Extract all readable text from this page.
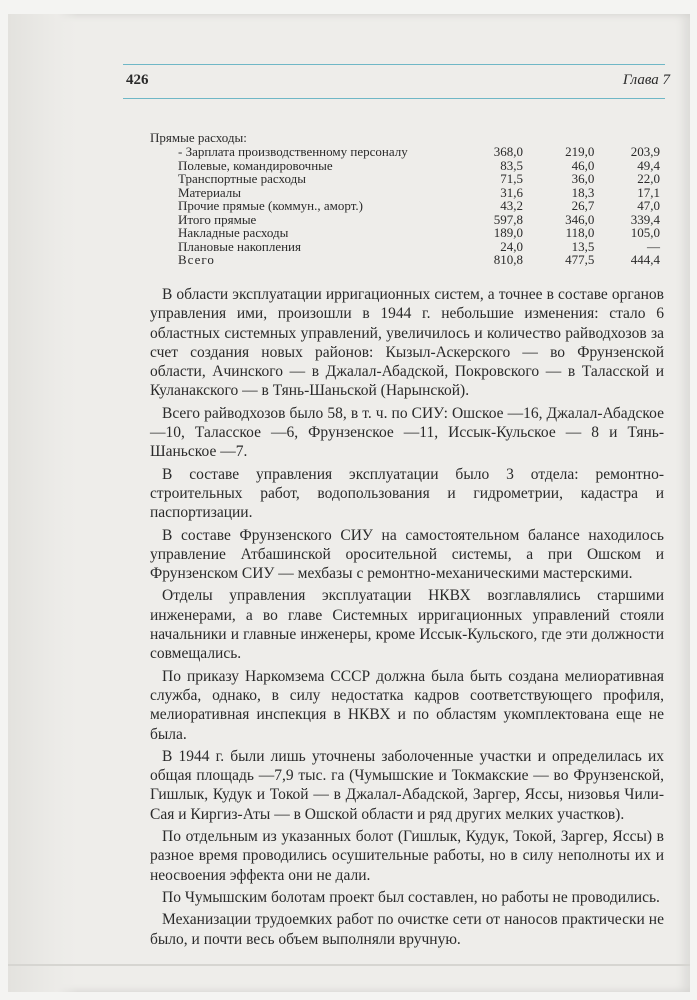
426	Глава 7
Прямые расходы:
- Зарплата производственному персоналу	368,0	219,0	203,9
Полевые, командировочные	83,5	46,0	49,4
Транспортные расходы	71,5	36,0	22,0
Материалы	31,6	18,3	17,1
Прочие прямые (коммун., аморт.)	43,2	26,7	47,0
Итого прямые	597,8	346,0	339,4
Накладные расходы	189,0	118,0	105,0
Плановые накопления	24,0	13,5	—
Всего	810,8	477,5	444,4

В области эксплуатации ирригационных систем, а точнее в составе органов управления ими, произошли в 1944 г. небольшие изменения: стало 6 областных системных управлений, увеличилось и количество райводхозов за счет создания новых районов: Кызыл-Аскерского — во Фрунзенской области, Ачинского — в Джалал-Абадской, Покровского — в Таласской и Куланакского — в Тянь-Шаньской (Нарынской).

Всего райводхозов было 58, в т. ч. по СИУ: Ошское —16, Джалал-Абадское —10, Таласское —6, Фрунзенское —11, Иссык-Кульское — 8 и Тянь-Шаньское —7.

В составе управления эксплуатации было 3 отдела: ремонтно-строительных работ, водопользования и гидрометрии, кадастра и паспортизации.

В составе Фрунзенского СИУ на самостоятельном балансе находилось управление Атбашинской оросительной системы, а при Ошском и Фрунзенском СИУ — мехбазы с ремонтно-механическими мастерскими.

Отделы управления эксплуатации НКВХ возглавлялись старшими инженерами, а во главе Системных ирригационных управлений стояли начальники и главные инженеры, кроме Иссык-Кульского, где эти должности совмещались.

По приказу Наркомзема СССР должна была быть создана мелиоративная служба, однако, в силу недостатка кадров соответствующего профиля, мелиоративная инспекция в НКВХ и по областям укомплектована еще не была.

В 1944 г. были лишь уточнены заболоченные участки и определилась их общая площадь —7,9 тыс. га (Чумышские и Токмакские — во Фрунзенской, Гишлык, Кудук и Токой — в Джалал-Абадской, Заргер, Яссы, низовья Чили-Сая и Киргиз-Аты — в Ошской области и ряд других мелких участков).

По отдельным из указанных болот (Гишлык, Кудук, Токой, Заргер, Яссы) в разное время проводились осушительные работы, но в силу неполноты их и неосвоения эффекта они не дали.

По Чумышским болотам проект был составлен, но работы не проводились.

Механизации трудоемких работ по очистке сети от наносов практически не было, и почти весь объем выполняли вручную.
